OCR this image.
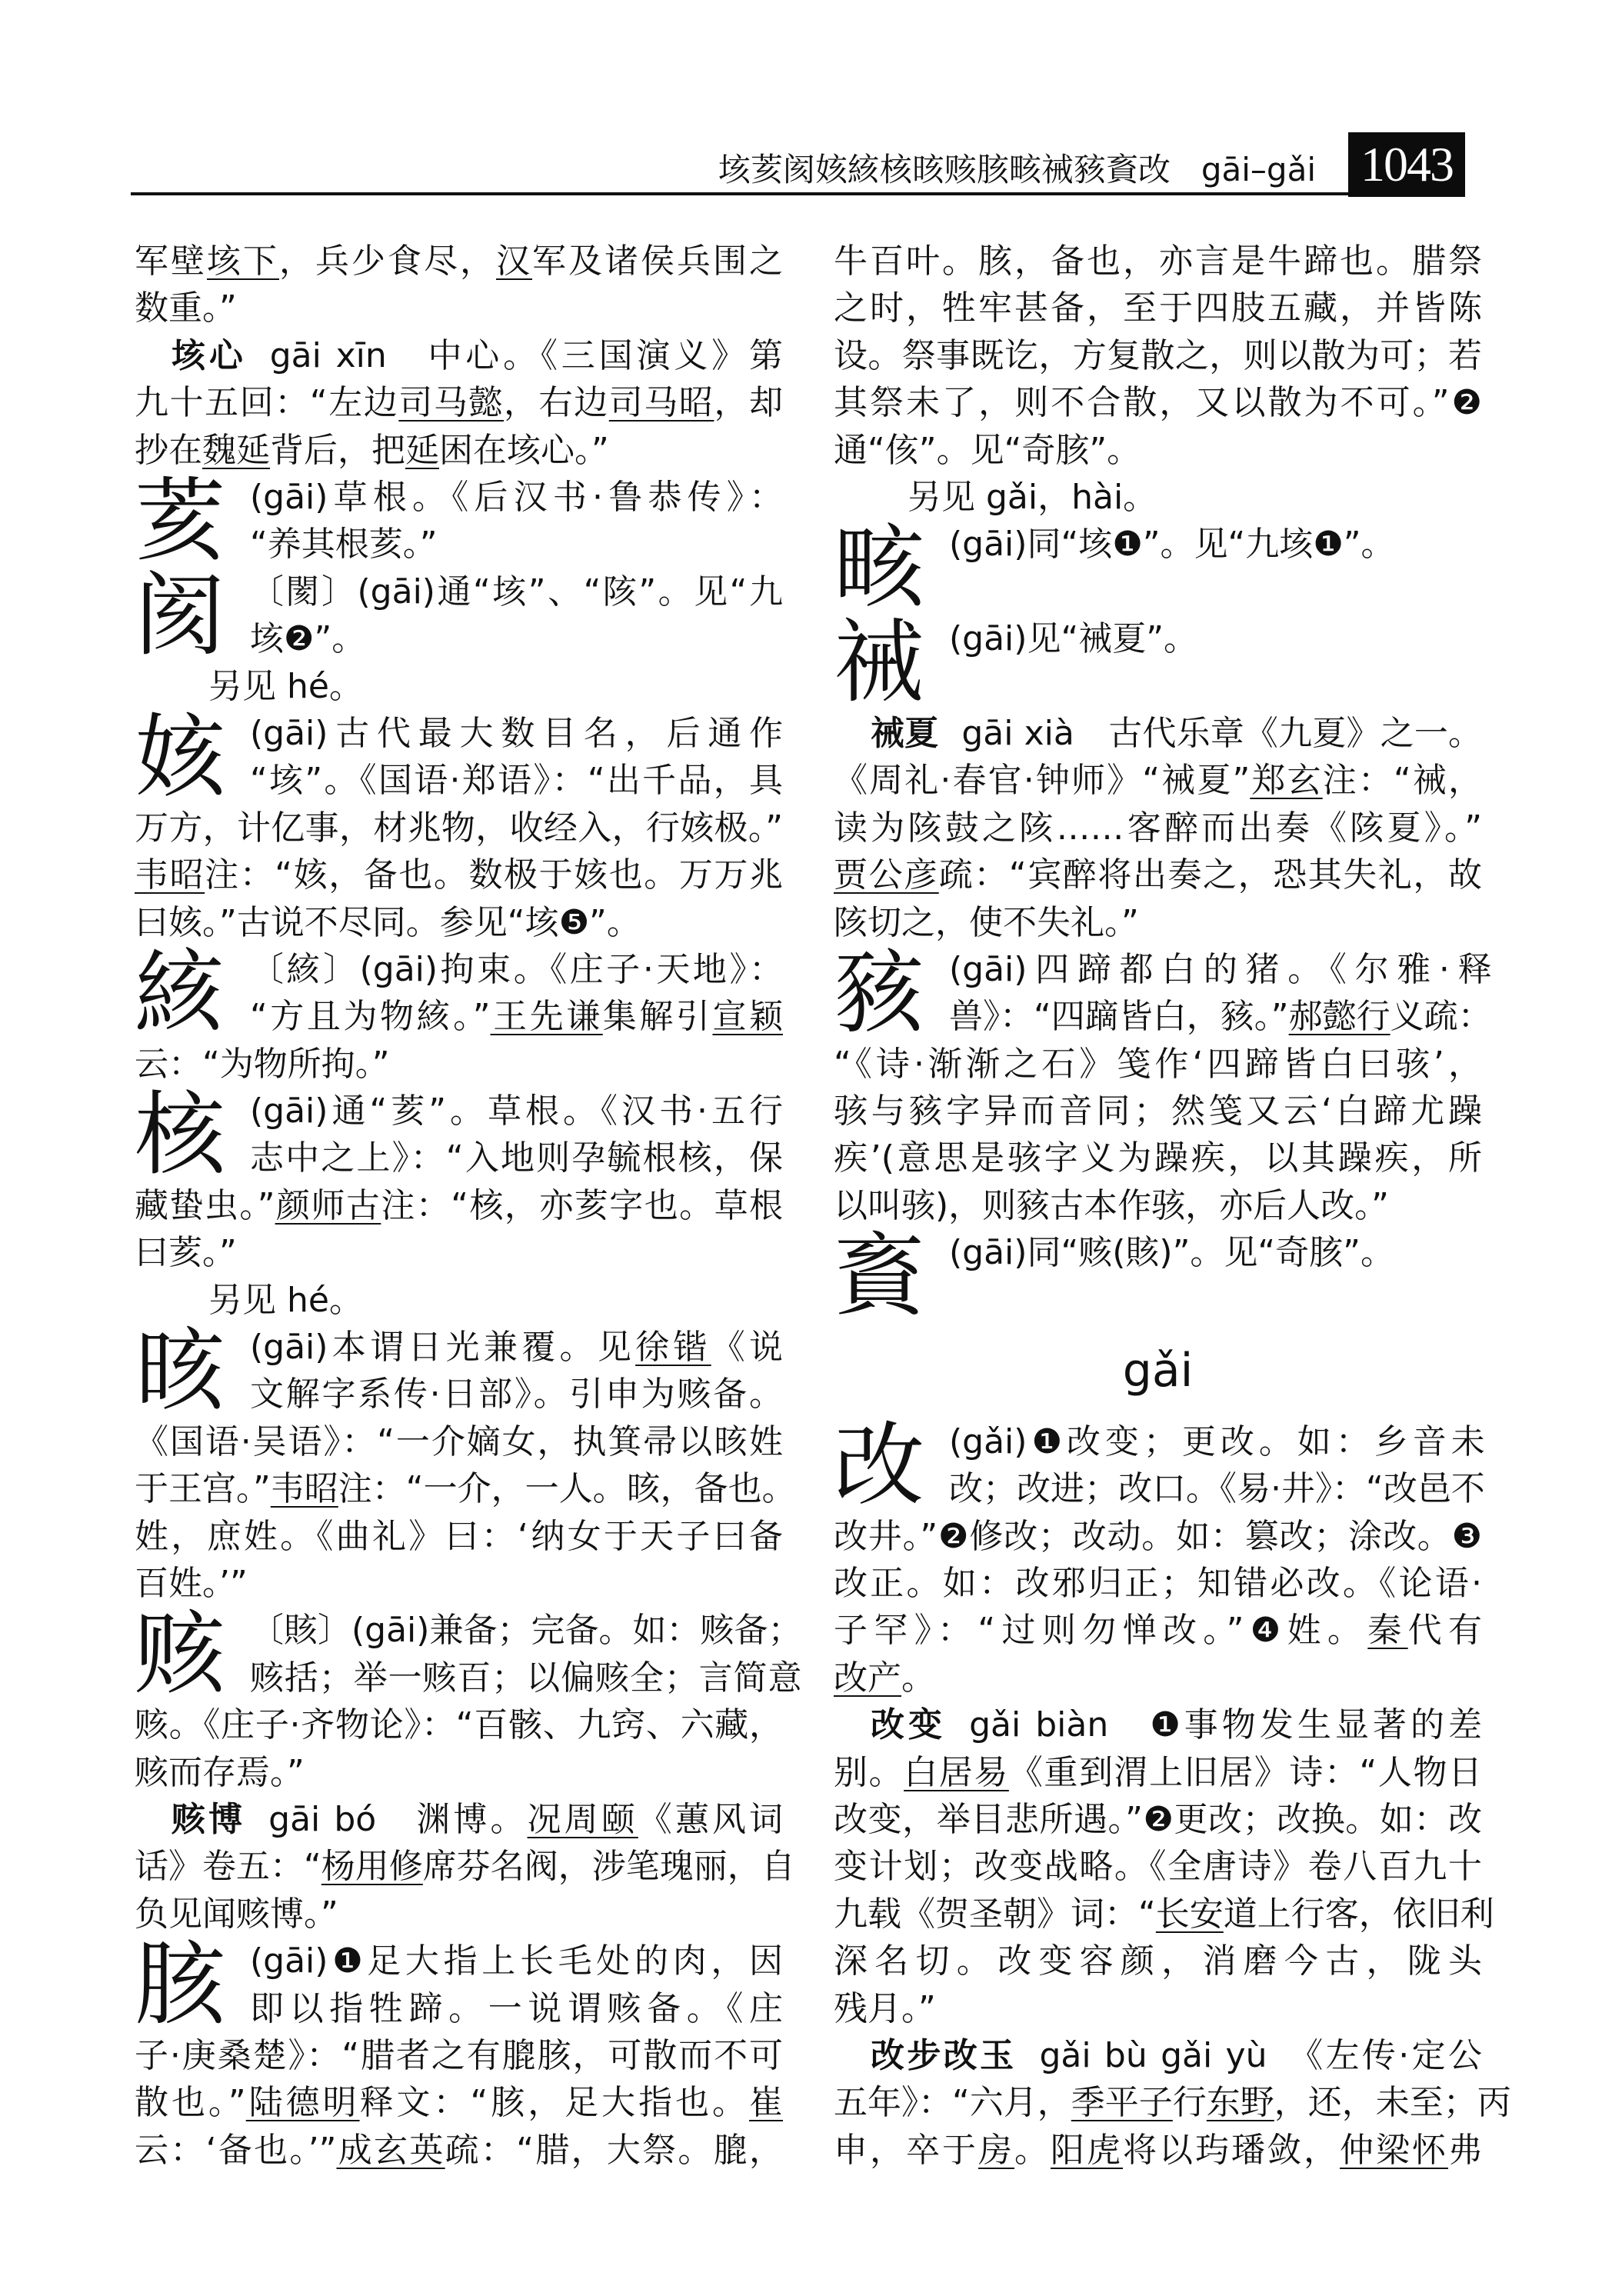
垓荄阂姟絯核晐赅胲畡祴豥賌改 gāi–gǎi 1043
军壁垓下，兵少食尽，汉军及诸侯兵围之
数重。”
垓心 gāi xīn　中心。《三国演义》第
九十五回：“左边司马懿，右边司马昭，却
抄在魏延背后，把延困在垓心。”
荄 (gāi)草根。《后汉书·鲁恭传》：
“养其根荄。”
阂 〔閡〕(gāi)通“垓”、“陔”。见“九
垓❷”。
另见 hé。
姟 (gāi)古代最大数目名，后通作
“垓”。《国语·郑语》：“出千品，具
万方，计亿事，材兆物，收经入，行姟极。”
韦昭注：“姟，备也。数极于姟也。万万兆
曰姟。”古说不尽同。参见“垓❺”。
絯 〔絯〕(gāi)拘束。《庄子·天地》：
“方且为物絯。”王先谦集解引宣颖
云：“为物所拘。”
核 (gāi)通“荄”。草根。《汉书·五行
志中之上》：“入地则孕毓根核，保
藏蛰虫。”颜师古注：“核，亦荄字也。草根
曰荄。”
另见 hé。
晐 (gāi)本谓日光兼覆。见徐锴《说
文解字系传·日部》。引申为赅备。
《国语·吴语》：“一介嫡女，执箕帚以晐姓
于王宫。”韦昭注：“一介，一人。晐，备也。
姓，庶姓。《曲礼》曰：‘纳女于天子曰备
百姓。’”
赅 〔賅〕(gāi)兼备；完备。如：赅备；
赅括；举一赅百；以偏赅全；言简意
赅。《庄子·齐物论》：“百骸、九窍、六藏，
赅而存焉。”
赅博 gāi bó　渊博。况周颐《蕙风词
话》卷五：“杨用修席芬名阀，涉笔瑰丽，自
负见闻赅博。”
胲 (gāi)❶足大指上长毛处的肉，因
即以指牲蹄。一说谓赅备。《庄
子·庚桑楚》：“腊者之有膍胲，可散而不可
散也。”陆德明释文：“胲，足大指也。崔
云：‘备也。’”成玄英疏：“腊，大祭。膍，
牛百叶。胲，备也，亦言是牛蹄也。腊祭
之时，牲牢甚备，至于四肢五藏，并皆陈
设。祭事既讫，方复散之，则以散为可；若
其祭未了，则不合散，又以散为不可。”❷
通“侅”。见“奇胲”。
另见 gǎi，hài。
畡 (gāi)同“垓❶”。见“九垓❶”。
祴 (gāi)见“祴夏”。
祴夏 gāi xià　古代乐章《九夏》之一。
《周礼·春官·钟师》“祴夏”郑玄注：“祴，
读为陔鼓之陔……客醉而出奏《陔夏》。”
贾公彦疏：“宾醉将出奏之，恐其失礼，故
陔切之，使不失礼。”
豥 (gāi)四蹄都白的猪。《尔雅·释
兽》：“四蹢皆白，豥。”郝懿行义疏：
“《诗·渐渐之石》笺作‘四蹄皆白曰骇’，
骇与豥字异而音同；然笺又云‘白蹄尤躁
疾’(意思是骇字义为躁疾，以其躁疾，所
以叫骇)，则豥古本作骇，亦后人改。”
賌 (gāi)同“赅(賅)”。见“奇胲”。
gǎi
改 (gǎi)❶改变；更改。如：乡音未
改；改进；改口。《易·井》：“改邑不
改井。”❷修改；改动。如：篡改；涂改。❸
改正。如：改邪归正；知错必改。《论语·
子罕》：“过则勿惮改。”❹姓。秦代有
改产。
改变 gǎi biàn　❶事物发生显著的差
别。白居易《重到渭上旧居》诗：“人物日
改变，举目悲所遇。”❷更改；改换。如：改
变计划；改变战略。《全唐诗》卷八百九十
九载《贺圣朝》词：“长安道上行客，依旧利
深名切。改变容颜，消磨今古，陇头
残月。”
改步改玉 gǎi bù gǎi yù　《左传·定公
五年》：“六月，季平子行东野，还，未至；丙
申，卒于房。阳虎将以玙璠敛，仲梁怀弗
